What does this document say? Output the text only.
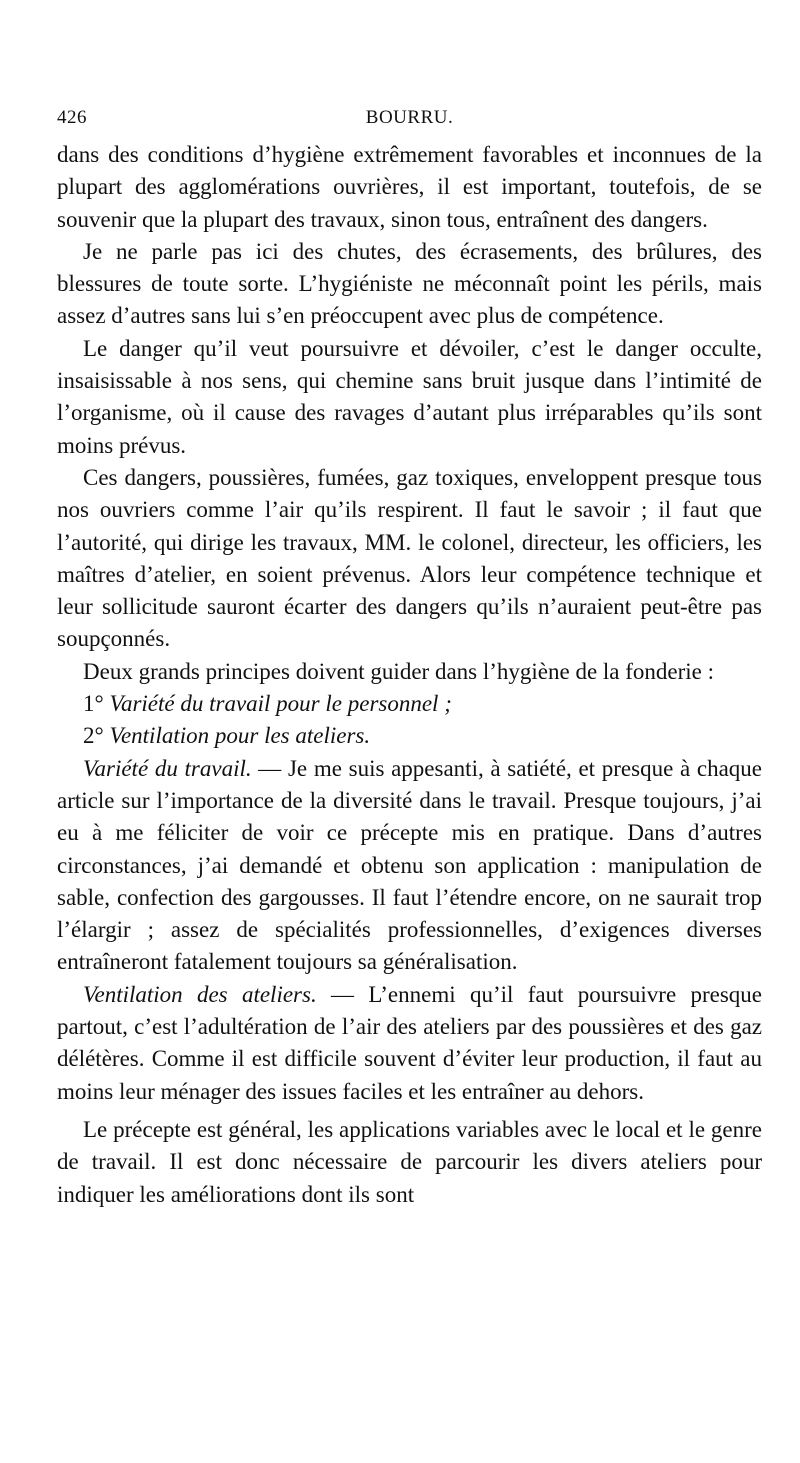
426	BOURRU.

dans des conditions d’hygiène extrêmement favorables et inconnues de la plupart des agglomérations ouvrières, il est important, toutefois, de se souvenir que la plupart des travaux, sinon tous, entraînent des dangers.

Je ne parle pas ici des chutes, des écrasements, des brûlures, des blessures de toute sorte. L’hygiéniste ne méconnaît point les périls, mais assez d’autres sans lui s’en préoccupent avec plus de compétence.

Le danger qu’il veut poursuivre et dévoiler, c’est le danger occulte, insaisissable à nos sens, qui chemine sans bruit jusque dans l’intimité de l’organisme, où il cause des ravages d’autant plus irréparables qu’ils sont moins prévus.

Ces dangers, poussières, fumées, gaz toxiques, enveloppent presque tous nos ouvriers comme l’air qu’ils respirent. Il faut le savoir ; il faut que l’autorité, qui dirige les travaux, MM. le colonel, directeur, les officiers, les maîtres d’atelier, en soient prévenus. Alors leur compétence technique et leur sollicitude sauront écarter des dangers qu’ils n’auraient peut-être pas soupçonnés.

Deux grands principes doivent guider dans l’hygiène de la fonderie :

1° Variété du travail pour le personnel ;

2° Ventilation pour les ateliers.

Variété du travail. — Je me suis appesanti, à satiété, et presque à chaque article sur l’importance de la diversité dans le travail. Presque toujours, j’ai eu à me féliciter de voir ce précepte mis en pratique. Dans d’autres circonstances, j’ai demandé et obtenu son application : manipulation de sable, confection des gargousses. Il faut l’étendre encore, on ne saurait trop l’élargir ; assez de spécialités professionnelles, d’exigences diverses entraîneront fatalement toujours sa généralisation.

Ventilation des ateliers. — L’ennemi qu’il faut poursuivre presque partout, c’est l’adultération de l’air des ateliers par des poussières et des gaz délétères. Comme il est difficile souvent d’éviter leur production, il faut au moins leur ménager des issues faciles et les entraîner au dehors.

Le précepte est général, les applications variables avec le local et le genre de travail. Il est donc nécessaire de parcourir les divers ateliers pour indiquer les améliorations dont ils sont
